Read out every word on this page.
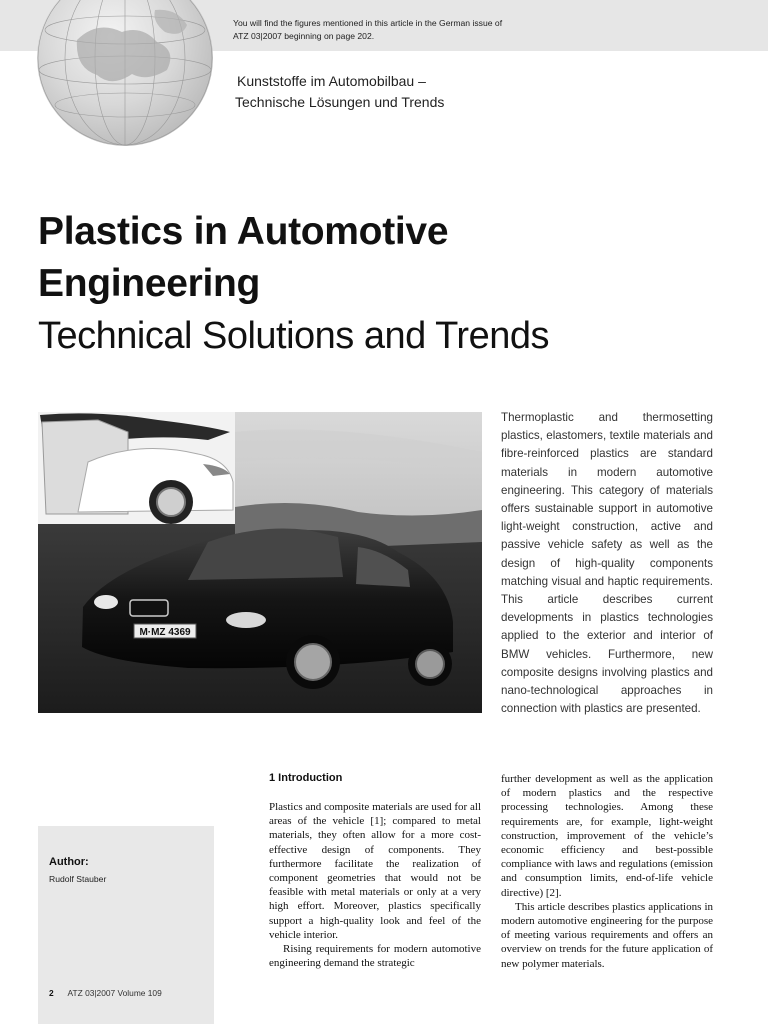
You will find the figures mentioned in this article in the German issue of
ATZ 03|2007 beginning on page 202.
Kunststoffe im Automobilbau –
Technische Lösungen und Trends
Plastics in Automotive
Engineering
Technical Solutions and Trends
M·MZ 4369
Thermoplastic and thermosetting plastics, elastomers, textile materials and fibre-reinforced plastics are standard materials in modern automotive engineering. This category of materials offers sustainable support in automotive light-weight construction, active and passive vehicle safety as well as the design of high-quality components matching visual and haptic requirements. This article describes current developments in plastics technologies applied to the exterior and interior of BMW vehicles. Furthermore, new composite designs involving plastics and nano-technological approaches in connection with plastics are presented.
1 Introduction

Plastics and composite materials are used for all areas of the vehicle [1]; compared to metal materials, they often allow for a more cost-effective design of components. They furthermore facilitate the realization of component geometries that would not be feasible with metal materials or only at a very high effort. Moreover, plastics specifically support a high-quality look and feel of the vehicle interior.

Rising requirements for modern automotive engineering demand the strategic

further development as well as the application of modern plastics and the respective processing technologies. Among these requirements are, for example, light-weight construction, improvement of the vehicle’s economic efficiency and best-possible compliance with laws and regulations (emission and consumption limits, end-of-life vehicle directive) [2].

This article describes plastics applications in modern automotive engineering for the purpose of meeting various requirements and offers an overview on trends for the future application of new polymer materials.

Author:
Rudolf Stauber
2 ATZ 03|2007 Volume 109
